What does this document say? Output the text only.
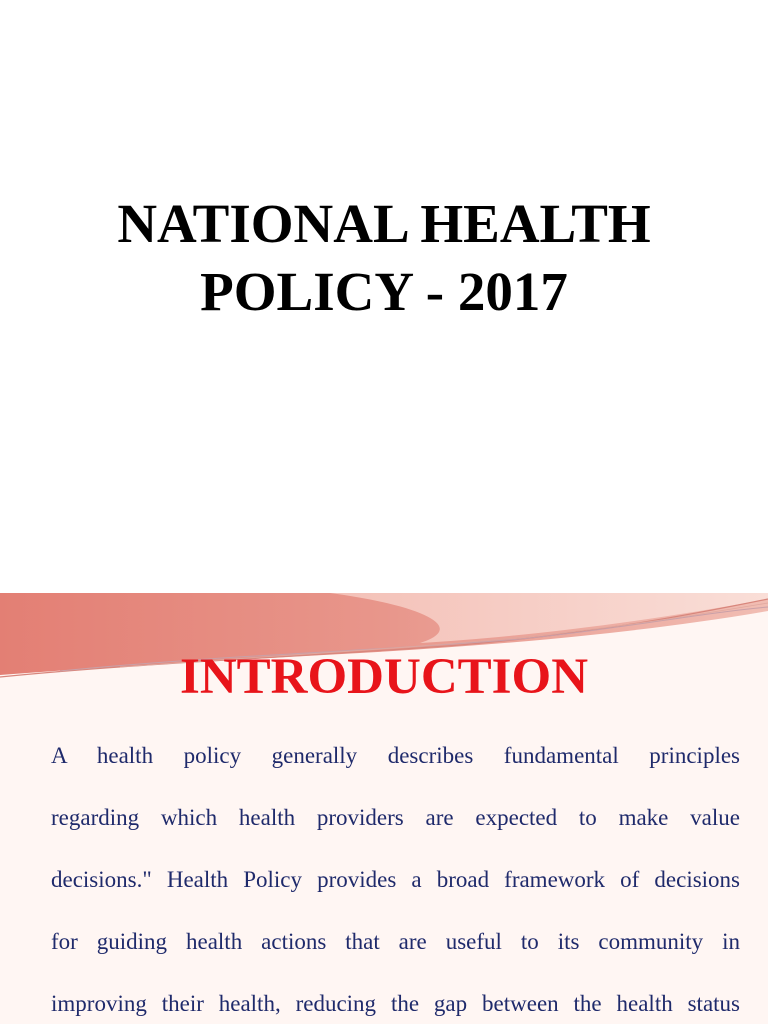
NATIONAL HEALTH
POLICY - 2017
INTRODUCTION

A health policy generally describes fundamental principles
regarding which health providers are expected to make value
decisions." Health Policy provides a broad framework of decisions
for guiding health actions that are useful to its community in
improving their health, reducing the gap between the health status
